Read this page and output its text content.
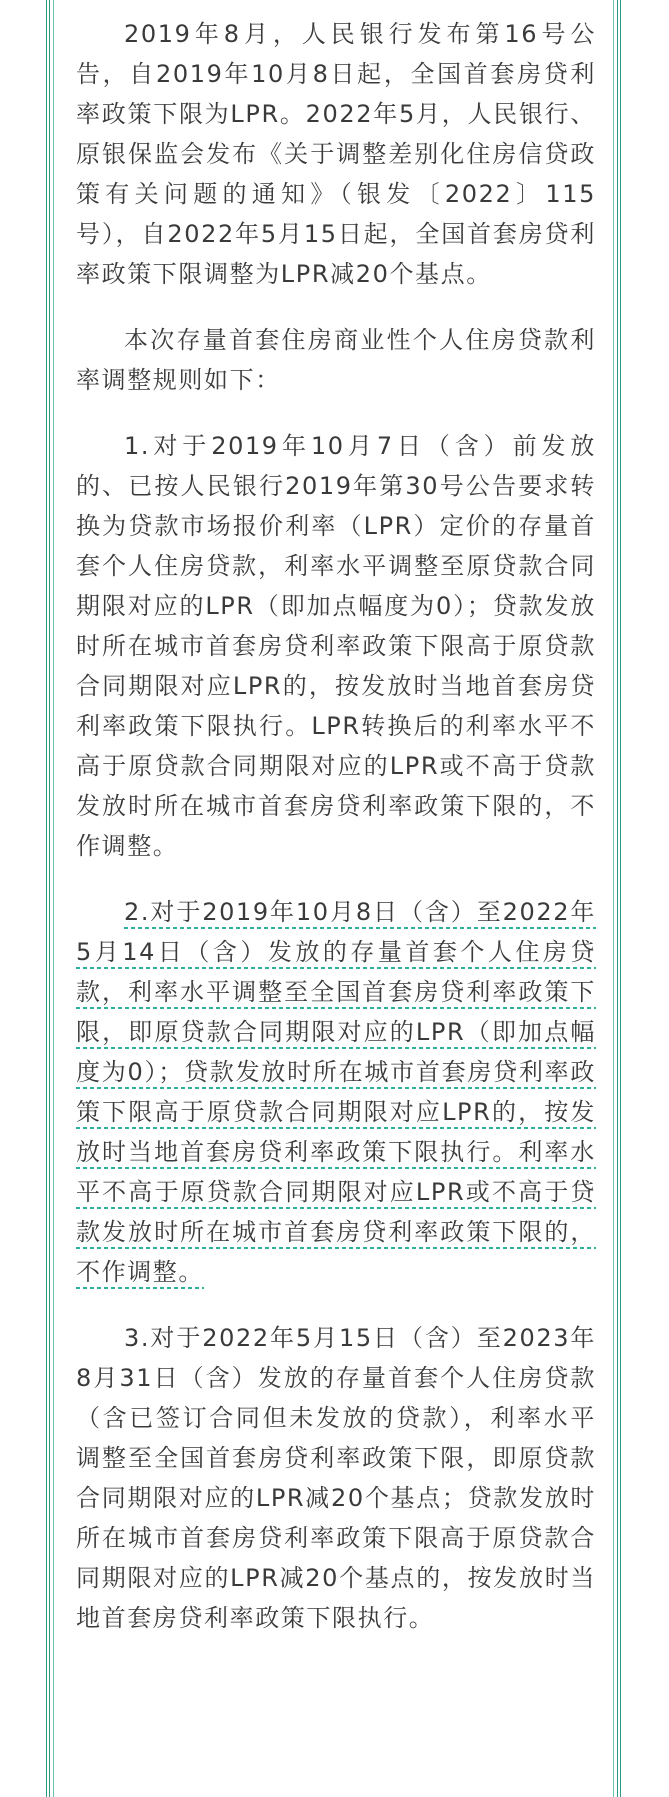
2019年8月，人民银行发布第16号公告，自2019年10月8日起，全国首套房贷利率政策下限为LPR。2022年5月，人民银行、原银保监会发布《关于调整差别化住房信贷政策有关问题的通知》（银发〔2022〕115号），自2022年5月15日起，全国首套房贷利率政策下限调整为LPR减20个基点。

本次存量首套住房商业性个人住房贷款利率调整规则如下：

1.对于2019年10月7日（含）前发放的、已按人民银行2019年第30号公告要求转换为贷款市场报价利率（LPR）定价的存量首套个人住房贷款，利率水平调整至原贷款合同期限对应的LPR（即加点幅度为0）；贷款发放时所在城市首套房贷利率政策下限高于原贷款合同期限对应LPR的，按发放时当地首套房贷利率政策下限执行。LPR转换后的利率水平不高于原贷款合同期限对应的LPR或不高于贷款发放时所在城市首套房贷利率政策下限的，不作调整。

2.对于2019年10月8日（含）至2022年5月14日（含）发放的存量首套个人住房贷款，利率水平调整至全国首套房贷利率政策下限，即原贷款合同期限对应的LPR（即加点幅度为0）；贷款发放时所在城市首套房贷利率政策下限高于原贷款合同期限对应LPR的，按发放时当地首套房贷利率政策下限执行。利率水平不高于原贷款合同期限对应LPR或不高于贷款发放时所在城市首套房贷利率政策下限的，不作调整。

3.对于2022年5月15日（含）至2023年8月31日（含）发放的存量首套个人住房贷款（含已签订合同但未发放的贷款），利率水平调整至全国首套房贷利率政策下限，即原贷款合同期限对应的LPR减20个基点；贷款发放时所在城市首套房贷利率政策下限高于原贷款合同期限对应的LPR减20个基点的，按发放时当地首套房贷利率政策下限执行。
